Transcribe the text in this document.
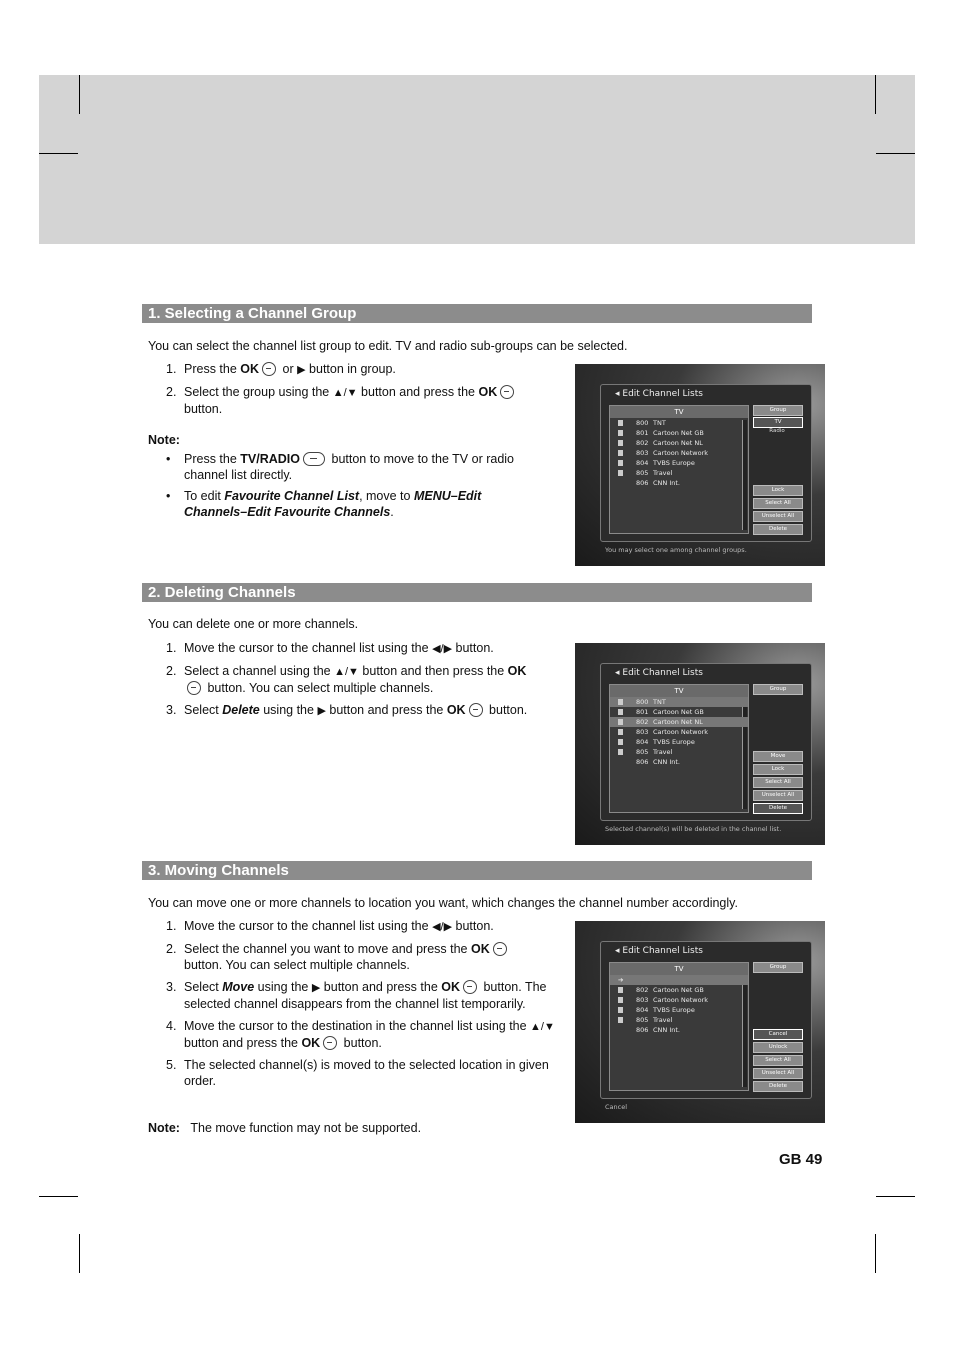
1. Selecting a Channel Group
You can select the channel list group to edit. TV and radio sub-groups can be selected.
1. Press the OK or ▶ button in group.
2. Select the group using the ▲/▼ button and press the OK
button.
Note:
• Press the TV/RADIO button to move to the TV or radio channel list directly.
• To edit Favourite Channel List, move to MENU–Edit Channels–Edit Favourite Channels.
◂ Edit Channel Lists
TV
800 TNT
801 Cartoon Net GB
802 Cartoon Net NL
803 Cartoon Network
804 TVBS Europe
805 Travel
806 CNN Int.
Group
TV
Radio
Lock
Select All
Unselect All
Delete
You may select one among channel groups.
2. Deleting Channels
You can delete one or more channels.
1. Move the cursor to the channel list using the ◀/▶ button.
2. Select a channel using the ▲/▼ button and then press the OK
button. You can select multiple channels.
3. Select Delete using the ▶ button and press the OK button.
◂ Edit Channel Lists
TV
800 TNT
801 Cartoon Net GB
802 Cartoon Net NL
803 Cartoon Network
804 TVBS Europe
805 Travel
806 CNN Int.
Group
Move
Lock
Select All
Unselect All
Delete
Selected channel(s) will be deleted in the channel list.
3. Moving Channels
You can move one or more channels to location you want, which changes the channel number accordingly.
1. Move the cursor to the channel list using the ◀/▶ button.
2. Select the channel you want to move and press the OK
button. You can select multiple channels.
3. Select Move using the ▶ button and press the OK button. The selected channel disappears from the channel list temporarily.
4. Move the cursor to the destination in the channel list using the ▲/▼ button and press the OK button.
5. The selected channel(s) is moved to the selected location in given order.
Note: The move function may not be supported.
◂ Edit Channel Lists
TV
➔
802 Cartoon Net GB
803 Cartoon Network
804 TVBS Europe
805 Travel
806 CNN Int.
Group
Cancel
Unlock
Select All
Unselect All
Delete
Cancel
GB 49
